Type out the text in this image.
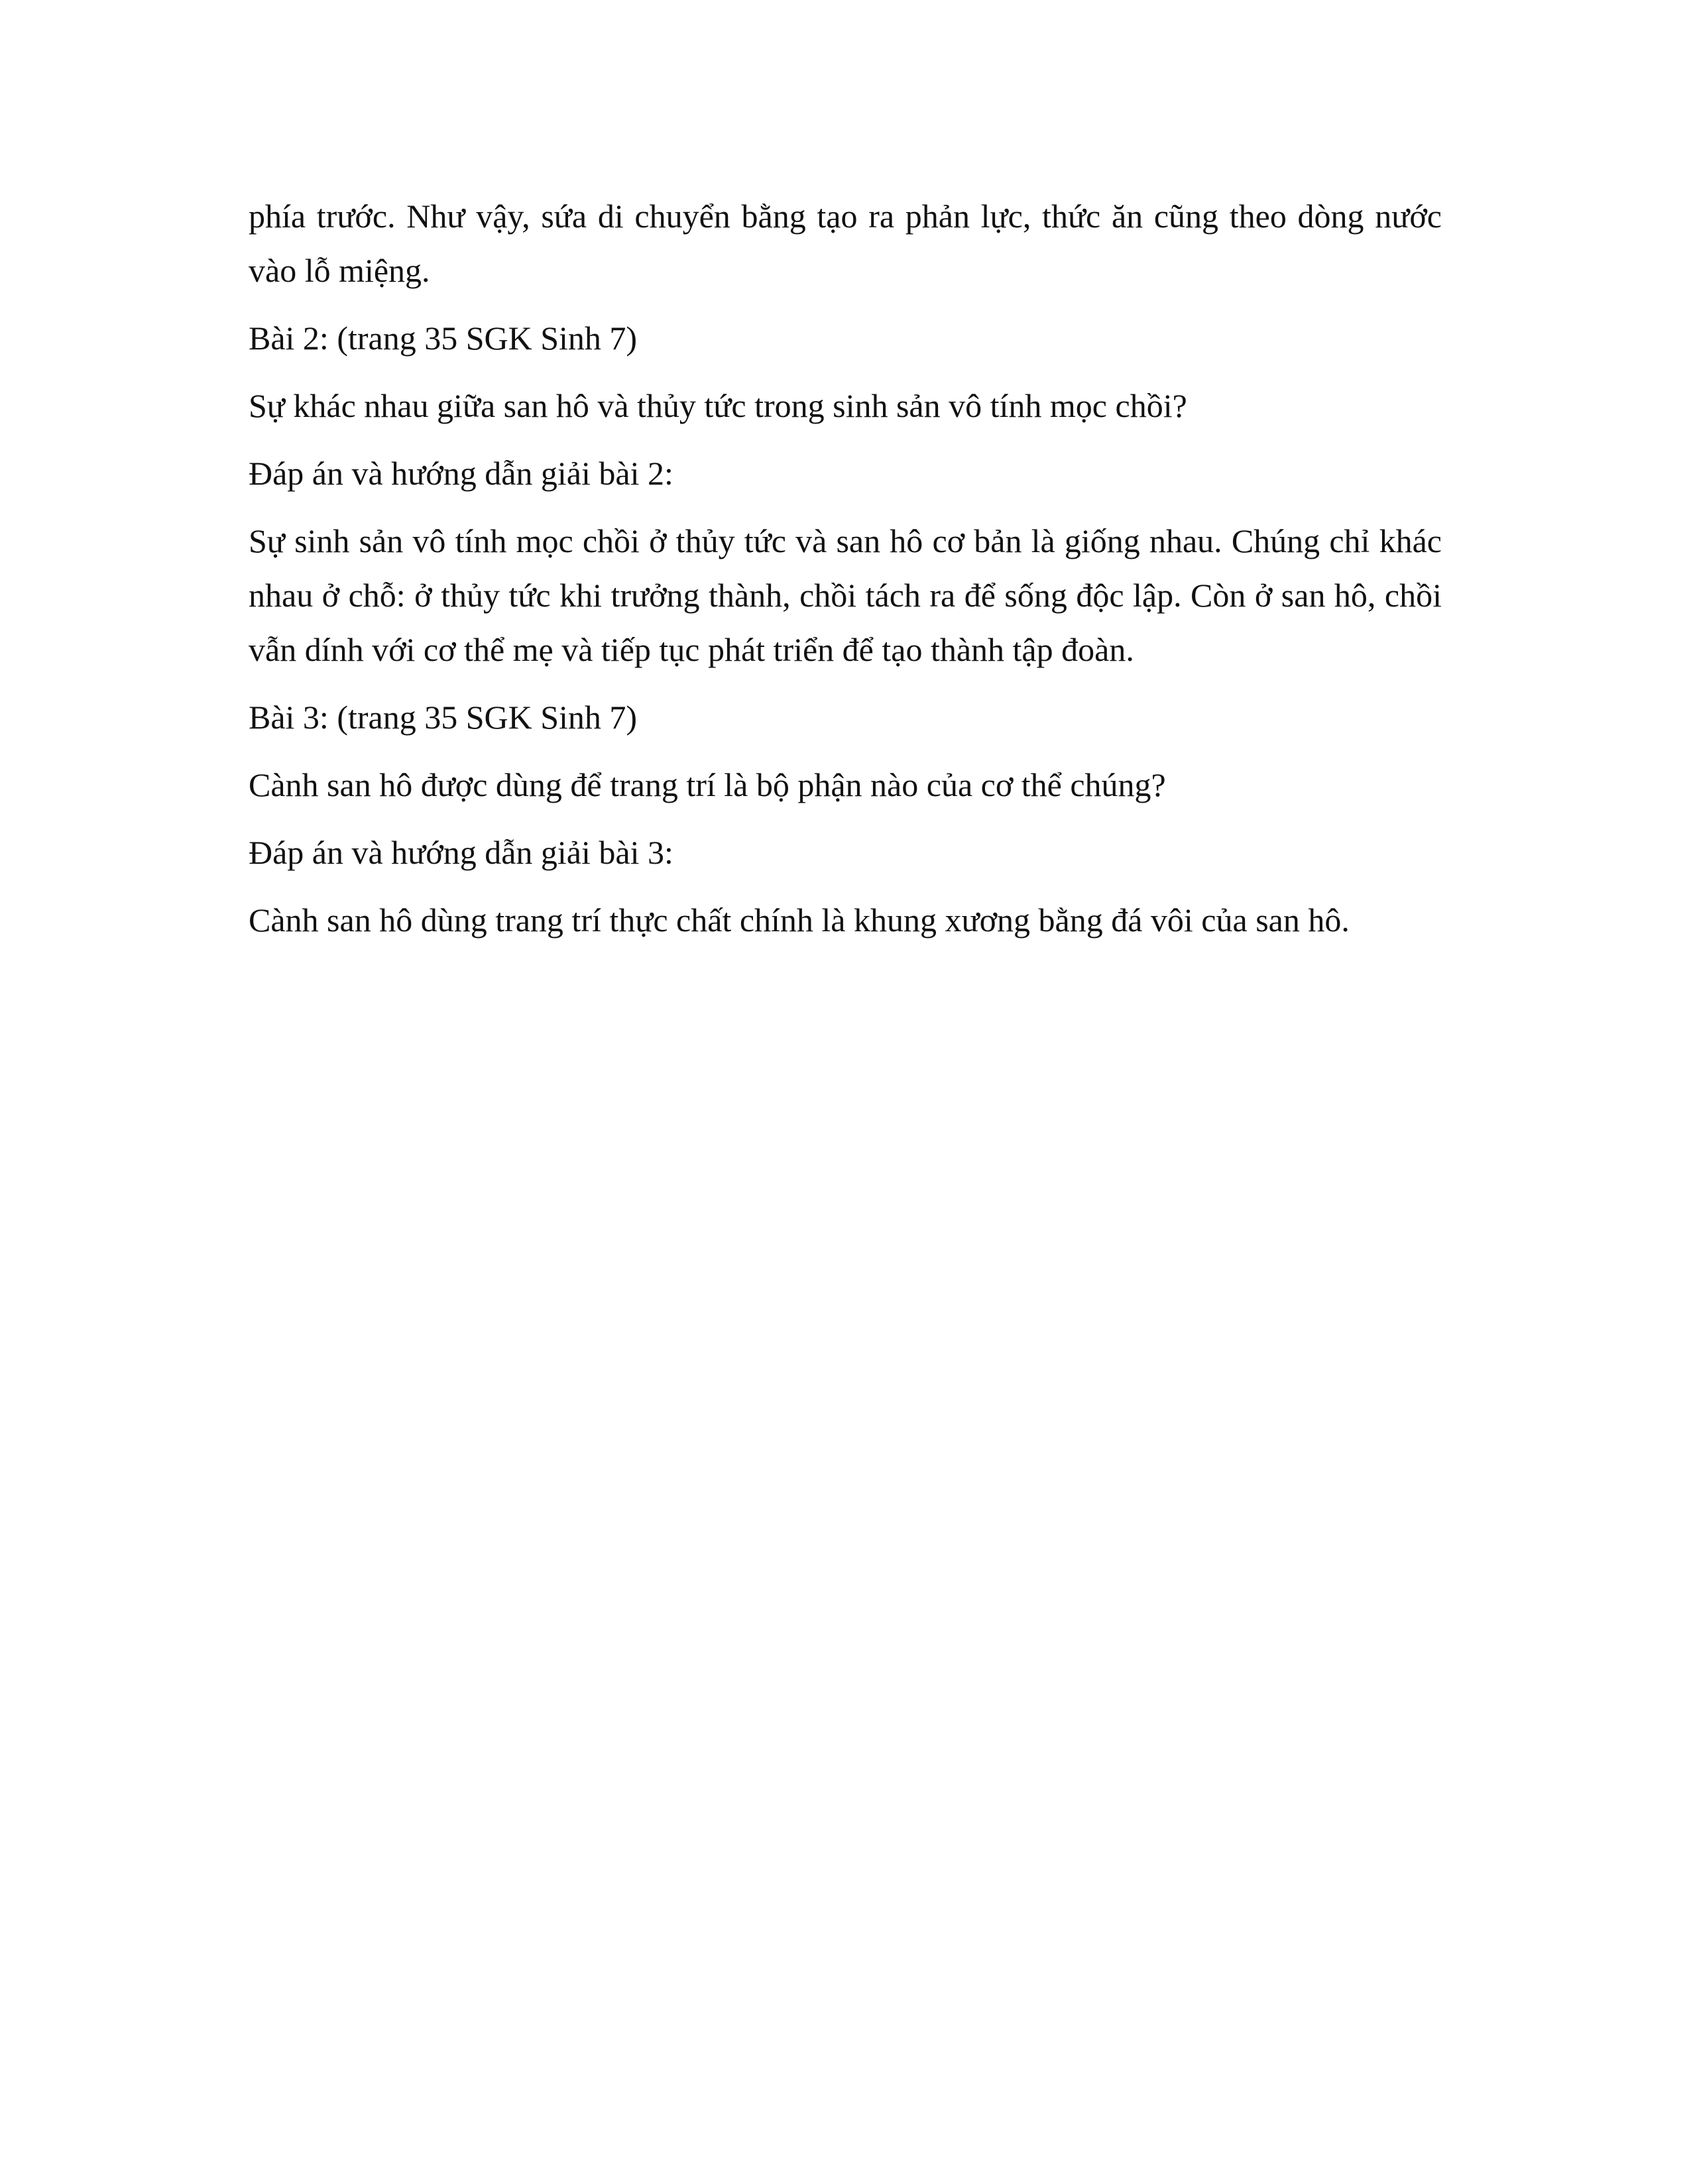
phía trước. Như vậy, sứa di chuyển bằng tạo ra phản lực, thức ăn cũng theo dòng nước vào lỗ miệng.

Bài 2: (trang 35 SGK Sinh 7)

Sự khác nhau giữa san hô và thủy tức trong sinh sản vô tính mọc chồi?

Đáp án và hướng dẫn giải bài 2:

Sự sinh sản vô tính mọc chồi ở thủy tức và san hô cơ bản là giống nhau. Chúng chỉ khác nhau ở chỗ: ở thủy tức khi trưởng thành, chồi tách ra để sống độc lập. Còn ở san hô, chồi vẫn dính với cơ thể mẹ và tiếp tục phát triển để tạo thành tập đoàn.

Bài 3: (trang 35 SGK Sinh 7)

Cành san hô được dùng để trang trí là bộ phận nào của cơ thể chúng?

Đáp án và hướng dẫn giải bài 3:

Cành san hô dùng trang trí thực chất chính là khung xương bằng đá vôi của san hô.
